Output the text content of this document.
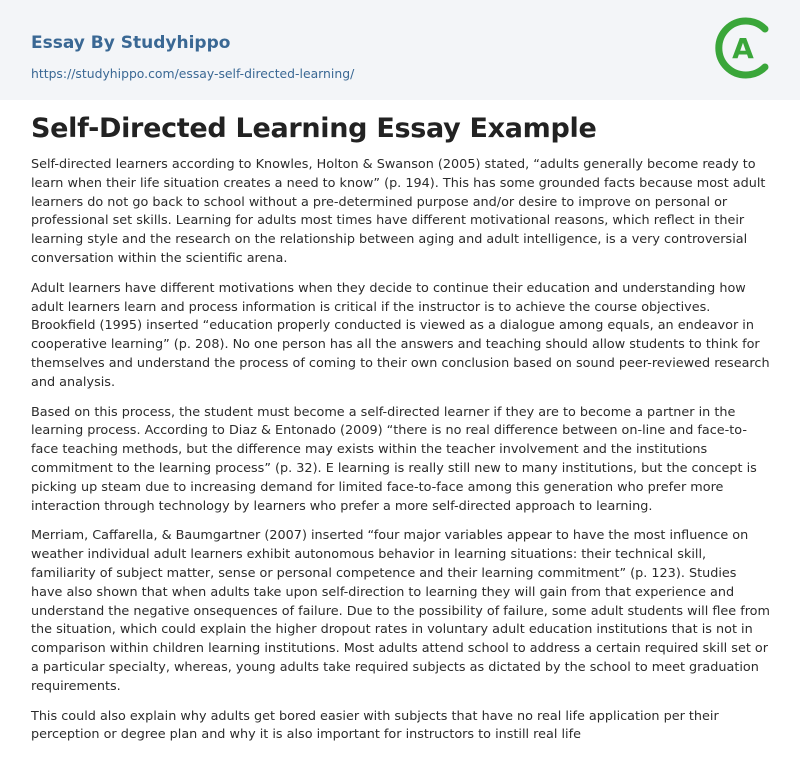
Essay By Studyhippo
https://studyhippo.com/essay-self-directed-learning/
A
Self-Directed Learning Essay Example

Self-directed learners according to Knowles, Holton & Swanson (2005) stated, “adults generally become ready to learn when their life situation creates a need to know” (p. 194). This has some grounded facts because most adult learners do not go back to school without a pre-determined purpose and/or desire to improve on personal or professional set skills. Learning for adults most times have different motivational reasons, which reflect in their learning style and the research on the relationship between aging and adult intelligence, is a very controversial conversation within the scientific arena.

Adult learners have different motivations when they decide to continue their education and understanding how adult learners learn and process information is critical if the instructor is to achieve the course objectives. Brookfield (1995) inserted “education properly conducted is viewed as a dialogue among equals, an endeavor in cooperative learning” (p. 208). No one person has all the answers and teaching should allow students to think for themselves and understand the process of coming to their own conclusion based on sound peer-reviewed research and analysis.

Based on this process, the student must become a self-directed learner if they are to become a partner in the learning process. According to Diaz & Entonado (2009) “there is no real difference between on-line and face-to-face teaching methods, but the difference may exists within the teacher involvement and the institutions commitment to the learning process” (p. 32). E learning is really still new to many institutions, but the concept is picking up steam due to increasing demand for limited face-to-face among this generation who prefer more interaction through technology by learners who prefer a more self-directed approach to learning.

Merriam, Caffarella, & Baumgartner (2007) inserted “four major variables appear to have the most influence on weather individual adult learners exhibit autonomous behavior in learning situations: their technical skill, familiarity of subject matter, sense or personal competence and their learning commitment” (p. 123). Studies have also shown that when adults take upon self-direction to learning they will gain from that experience and understand the negative onsequences of failure. Due to the possibility of failure, some adult students will flee from the situation, which could explain the higher dropout rates in voluntary adult education institutions that is not in comparison within children learning institutions. Most adults attend school to address a certain required skill set or a particular specialty, whereas, young adults take required subjects as dictated by the school to meet graduation requirements.

This could also explain why adults get bored easier with subjects that have no real life application per their perception or degree plan and why it is also important for instructors to instill real life
